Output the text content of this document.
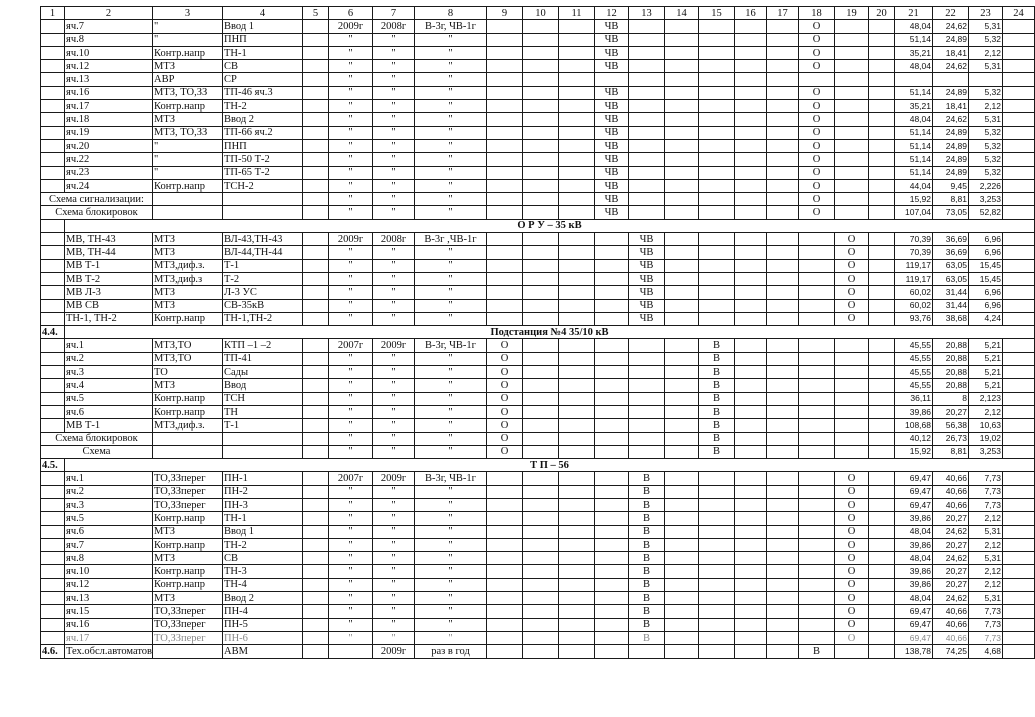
1	2	3	4	5	6	7	8	9	10	11	12	13	14	15	16	17	18	19	20	21	22	23	24
	яч.7	"	Ввод 1		2009г	2008г	В-3г, ЧВ-1г				ЧВ						О			48,04	24,62	5,31	
	яч.8	"	ПНП		"	"	"				ЧВ						О			51,14	24,89	5,32	
	яч.10	Контр.напр	ТН-1		"	"	"				ЧВ						О			35,21	18,41	2,12	
	яч.12	МТЗ	СВ		"	"	"				ЧВ						О			48,04	24,62	5,31	
	яч.13	АВР	СР		"	"	"																
	яч.16	МТЗ, ТО,ЗЗ	ТП-46 яч.3		"	"	"				ЧВ						О			51,14	24,89	5,32	
	яч.17	Контр.напр	ТН-2		"	"	"				ЧВ						О			35,21	18,41	2,12	
	яч.18	МТЗ	Ввод 2		"	"	"				ЧВ						О			48,04	24,62	5,31	
	яч.19	МТЗ, ТО,ЗЗ	ТП-66 яч.2		"	"	"				ЧВ						О			51,14	24,89	5,32	
	яч.20	"	ПНП		"	"	"				ЧВ						О			51,14	24,89	5,32	
	яч.22	"	ТП-50 Т-2		"	"	"				ЧВ						О			51,14	24,89	5,32	
	яч.23	"	ТП-65 Т-2		"	"	"				ЧВ						О			51,14	24,89	5,32	
	яч.24	Контр.напр	ТСН-2		"	"	"				ЧВ						О			44,04	9,45	2,226	
Схема сигнализации:					"	"	"				ЧВ						О			15,92	8,81	3,253	
Схема блокировок					"	"	"				ЧВ						О			107,04	73,05	52,82	
	О Р У – 35 кВ																						
	МВ, ТН-43	МТЗ	ВЛ-43,ТН-43		2009г	2008г	В-3г ,ЧВ-1г					ЧВ						О		70,39	36,69	6,96	
	МВ, ТН-44	МТЗ	ВЛ-44,ТН-44		"	"	"					ЧВ						О		70,39	36,69	6,96	
	МВ Т-1	МТЗ,диф.з.	Т-1		"	"	"					ЧВ						О		119,17	63,05	15,45	
	МВ Т-2	МТЗ,диф.з	Т-2		"	"	"					ЧВ						О		119,17	63,05	15,45	
	МВ Л-3	МТЗ	Л-3 УС		"	"	"					ЧВ						О		60,02	31,44	6,96	
	МВ СВ	МТЗ	СВ-35кВ		"	"	"					ЧВ						О		60,02	31,44	6,96	
	ТН-1, ТН-2	Контр.напр	ТН-1,ТН-2		"	"	"					ЧВ						О		93,76	38,68	4,24	
4.4.	Подстанция №4 35/10 кВ																						
	яч.1	МТЗ,ТО	КТП –1 –2		2007г	2009г	В-3г, ЧВ-1г	О						В						45,55	20,88	5,21	
	яч.2	МТЗ,ТО	ТП-41		"	"	"	О						В						45,55	20,88	5,21	
	яч.3	ТО	Сады		"	"	"	О						В						45,55	20,88	5,21	
	яч.4	МТЗ	Ввод		"	"	"	О						В						45,55	20,88	5,21	
	яч.5	Контр.напр	ТСН		"	"	"	О						В						36,11	8	2,123	
	яч.6	Контр.напр	ТН		"	"	"	О						В						39,86	20,27	2,12	
	МВ Т-1	МТЗ,диф.з.	Т-1		"	"	"	О						В						108,68	56,38	10,63	
Схема блокировок					"	"	"	О						В						40,12	26,73	19,02	
Схема					"	"	"	О						В						15,92	8,81	3,253	
4.5.	Т П – 56																						
	яч.1	ТО,ЗЗперег	ПН-1		2007г	2009г	В-3г, ЧВ-1г					В						О		69,47	40,66	7,73	
	яч.2	ТО,ЗЗперег	ПН-2		"	"	"					В						О		69,47	40,66	7,73	
	яч.3	ТО,ЗЗперег	ПН-3		"	"	"					В						О		69,47	40,66	7,73	
	яч.5	Контр.напр	ТН-1		"	"	"					В						О		39,86	20,27	2,12	
	яч.6	МТЗ	Ввод 1		"	"	"					В						О		48,04	24,62	5,31	
	яч.7	Контр.напр	ТН-2		"	"	"					В						О		39,86	20,27	2,12	
	яч.8	МТЗ	СВ		"	"	"					В						О		48,04	24,62	5,31	
	яч.10	Контр.напр	ТН-3		"	"	"					В						О		39,86	20,27	2,12	
	яч.12	Контр.напр	ТН-4		"	"	"					В						О		39,86	20,27	2,12	
	яч.13	МТЗ	Ввод 2		"	"	"					В						О		48,04	24,62	5,31	
	яч.15	ТО,ЗЗперег	ПН-4		"	"	"					В						О		69,47	40,66	7,73	
	яч.16	ТО,ЗЗперег	ПН-5		"	"	"					В						О		69,47	40,66	7,73	
	яч.17	ТО,ЗЗперег	ПН-6		"	"	"					В						О		69,47	40,66	7,73	
4.6.	Тех.обсл.автоматов		АВМ			2009г	раз в год										В			138,78	74,25	4,68	
